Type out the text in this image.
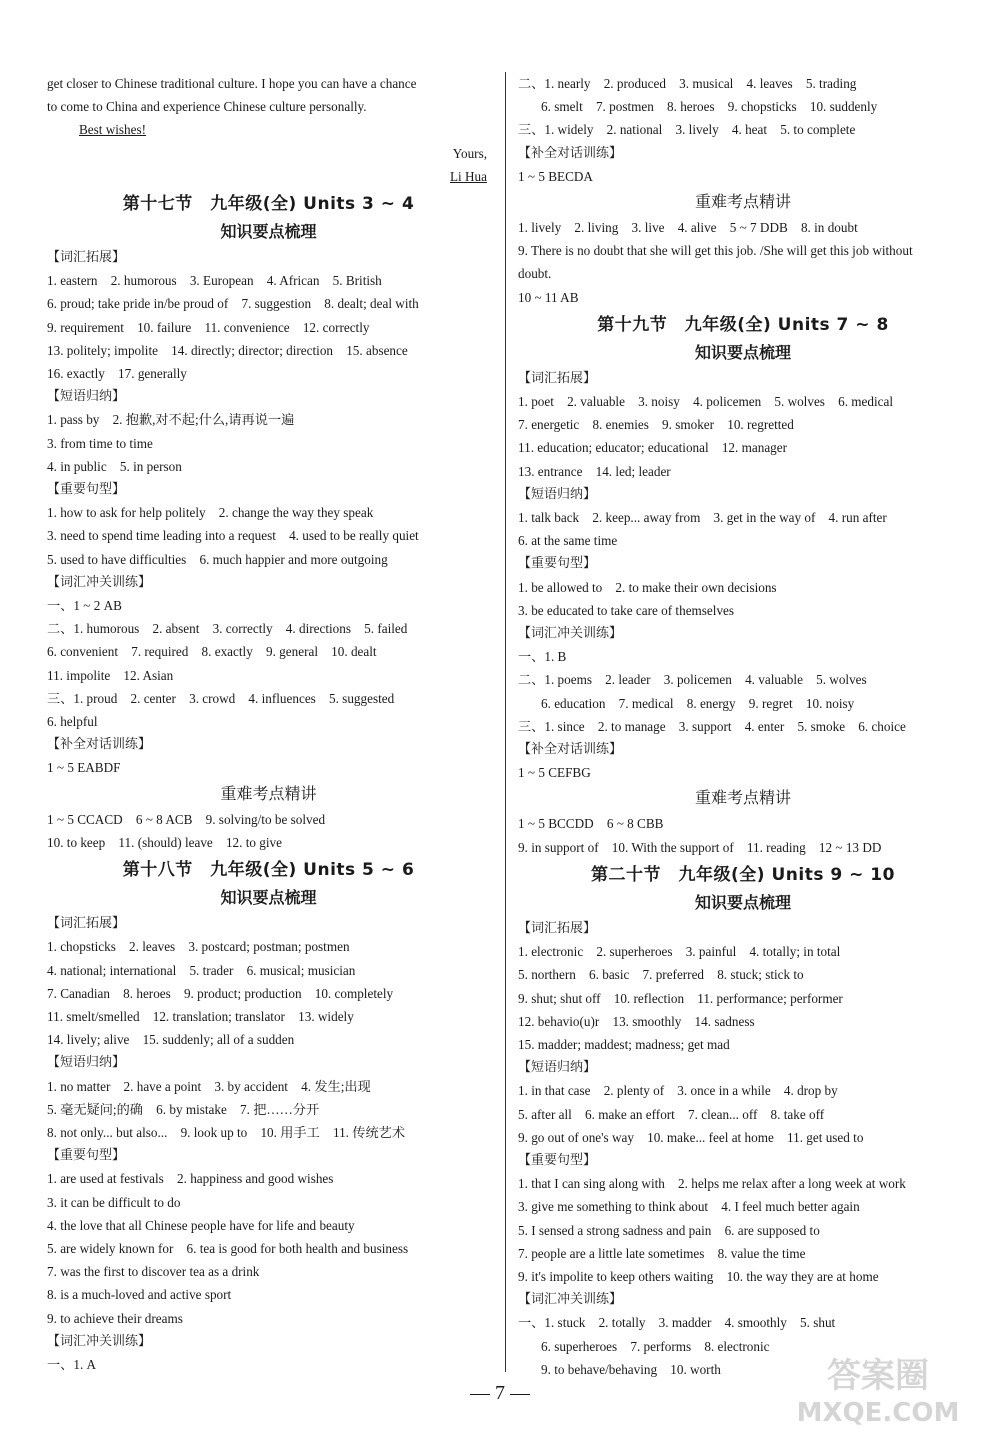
get closer to Chinese traditional culture. I hope you can have a chance
to come to China and experience Chinese culture personally.
Best wishes!
Yours,
Li Hua
第十七节　九年级(全) Units 3 ~ 4
知识要点梳理
【词汇拓展】
1. eastern　2. humorous　3. European　4. African　5. British
6. proud; take pride in/be proud of　7. suggestion　8. dealt; deal with
9. requirement　10. failure　11. convenience　12. correctly
13. politely; impolite　14. directly; director; direction　15. absence
16. exactly　17. generally
【短语归纳】
1. pass by　2. 抱歉,对不起;什么,请再说一遍
3. from time to time
4. in public　5. in person
【重要句型】
1. how to ask for help politely　2. change the way they speak
3. need to spend time leading into a request　4. used to be really quiet
5. used to have difficulties　6. much happier and more outgoing
【词汇冲关训练】
一、1 ~ 2 AB
二、1. humorous　2. absent　3. correctly　4. directions　5. failed
6. convenient　7. required　8. exactly　9. general　10. dealt
11. impolite　12. Asian
三、1. proud　2. center　3. crowd　4. influences　5. suggested
6. helpful
【补全对话训练】
1 ~ 5 EABDF
重难考点精讲
1 ~ 5 CCACD　6 ~ 8 ACB　9. solving/to be solved
10. to keep　11. (should) leave　12. to give
第十八节　九年级(全) Units 5 ~ 6
知识要点梳理
【词汇拓展】
1. chopsticks　2. leaves　3. postcard; postman; postmen
4. national; international　5. trader　6. musical; musician
7. Canadian　8. heroes　9. product; production　10. completely
11. smelt/smelled　12. translation; translator　13. widely
14. lively; alive　15. suddenly; all of a sudden
【短语归纳】
1. no matter　2. have a point　3. by accident　4. 发生;出现
5. 毫无疑问;的确　6. by mistake　7. 把……分开
8. not only... but also...　9. look up to　10. 用手工　11. 传统艺术
【重要句型】
1. are used at festivals　2. happiness and good wishes
3. it can be difficult to do
4. the love that all Chinese people have for life and beauty
5. are widely known for　6. tea is good for both health and business
7. was the first to discover tea as a drink
8. is a much-loved and active sport
9. to achieve their dreams
【词汇冲关训练】
一、1. A
二、1. nearly　2. produced　3. musical　4. leaves　5. trading
6. smelt　7. postmen　8. heroes　9. chopsticks　10. suddenly
三、1. widely　2. national　3. lively　4. heat　5. to complete
【补全对话训练】
1 ~ 5 BECDA
重难考点精讲
1. lively　2. living　3. live　4. alive　5 ~ 7 DDB　8. in doubt
9. There is no doubt that she will get this job. /She will get this job without
doubt.
10 ~ 11 AB
第十九节　九年级(全) Units 7 ~ 8
知识要点梳理
【词汇拓展】
1. poet　2. valuable　3. noisy　4. policemen　5. wolves　6. medical
7. energetic　8. enemies　9. smoker　10. regretted
11. education; educator; educational　12. manager
13. entrance　14. led; leader
【短语归纳】
1. talk back　2. keep... away from　3. get in the way of　4. run after
6. at the same time
【重要句型】
1. be allowed to　2. to make their own decisions
3. be educated to take care of themselves
【词汇冲关训练】
一、1. B
二、1. poems　2. leader　3. policemen　4. valuable　5. wolves
6. education　7. medical　8. energy　9. regret　10. noisy
三、1. since　2. to manage　3. support　4. enter　5. smoke　6. choice
【补全对话训练】
1 ~ 5 CEFBG
重难考点精讲
1 ~ 5 BCCDD　6 ~ 8 CBB
9. in support of　10. With the support of　11. reading　12 ~ 13 DD
第二十节　九年级(全) Units 9 ~ 10
知识要点梳理
【词汇拓展】
1. electronic　2. superheroes　3. painful　4. totally; in total
5. northern　6. basic　7. preferred　8. stuck; stick to
9. shut; shut off　10. reflection　11. performance; performer
12. behavio(u)r　13. smoothly　14. sadness
15. madder; maddest; madness; get mad
【短语归纳】
1. in that case　2. plenty of　3. once in a while　4. drop by
5. after all　6. make an effort　7. clean... off　8. take off
9. go out of one's way　10. make... feel at home　11. get used to
【重要句型】
1. that I can sing along with　2. helps me relax after a long week at work
3. give me something to think about　4. I feel much better again
5. I sensed a strong sadness and pain　6. are supposed to
7. people are a little late sometimes　8. value the time
9. it's impolite to keep others waiting　10. the way they are at home
【词汇冲关训练】
一、1. stuck　2. totally　3. madder　4. smoothly　5. shut
6. superheroes　7. performs　8. electronic
9. to behave/behaving　10. worth
— 7 —	答案圈
MXQE.COM
